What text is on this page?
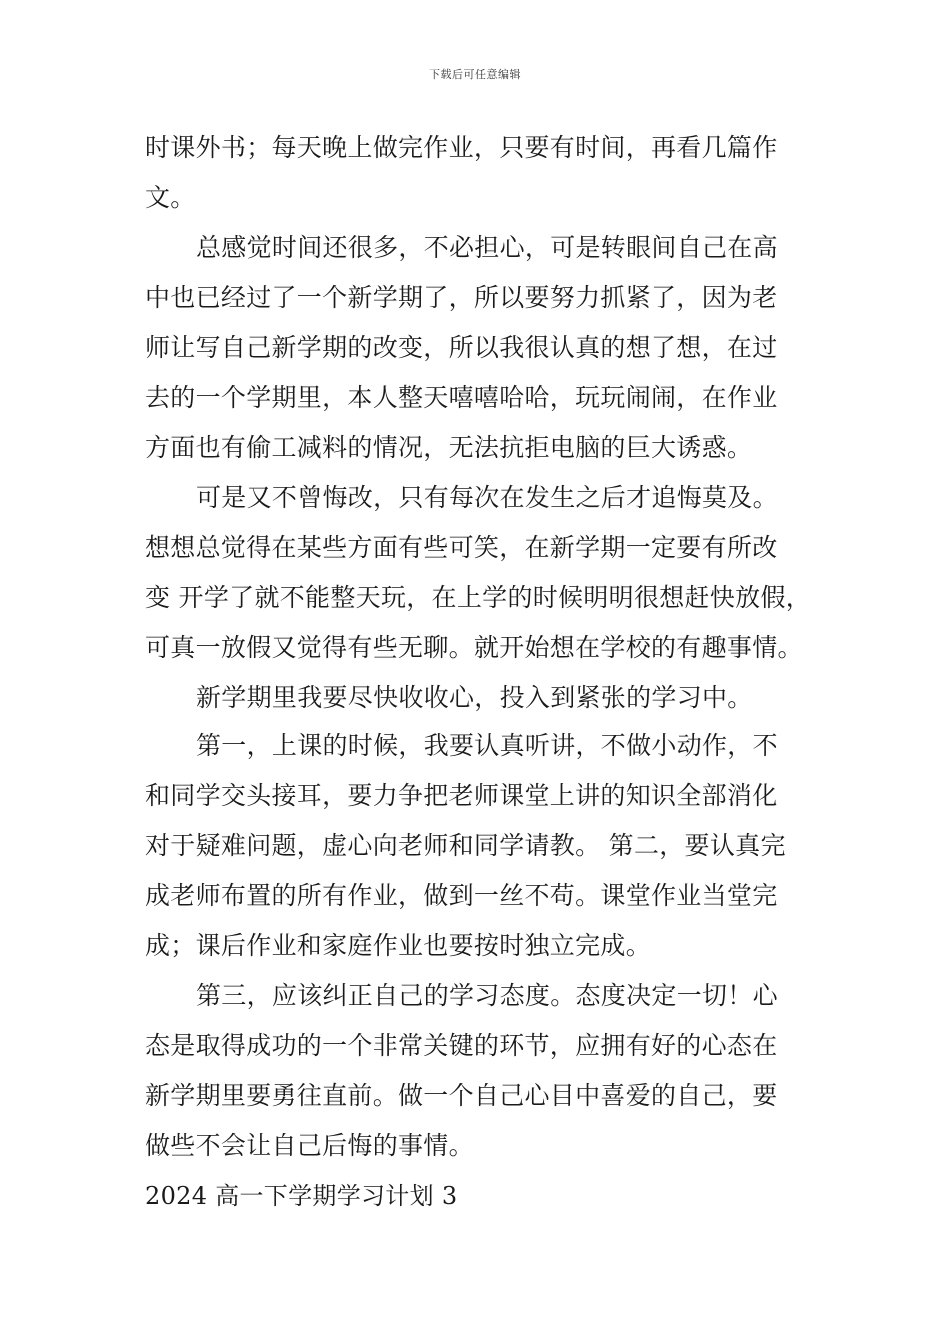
下载后可任意编辑
时课外书；每天晚上做完作业，只要有时间，再看几篇作
文。
总感觉时间还很多，不必担心，可是转眼间自己在高
中也已经过了一个新学期了，所以要努力抓紧了，因为老
师让写自己新学期的改变，所以我很认真的想了想，在过
去的一个学期里，本人整天嘻嘻哈哈，玩玩闹闹，在作业
方面也有偷工减料的情况，无法抗拒电脑的巨大诱惑。
可是又不曾悔改，只有每次在发生之后才追悔莫及。
想想总觉得在某些方面有些可笑，在新学期一定要有所改
变 开学了就不能整天玩，在上学的时候明明很想赶快放假，
可真一放假又觉得有些无聊。就开始想在学校的有趣事情。
新学期里我要尽快收收心，投入到紧张的学习中。
第一，上课的时候，我要认真听讲，不做小动作，不
和同学交头接耳，要力争把老师课堂上讲的知识全部消化
对于疑难问题，虚心向老师和同学请教。 第二，要认真完
成老师布置的所有作业，做到一丝不苟。课堂作业当堂完
成；课后作业和家庭作业也要按时独立完成。
第三，应该纠正自己的学习态度。态度决定一切！心
态是取得成功的一个非常关键的环节，应拥有好的心态在
新学期里要勇往直前。做一个自己心目中喜爱的自己，要
做些不会让自己后悔的事情。
2024 高一下学期学习计划 3
